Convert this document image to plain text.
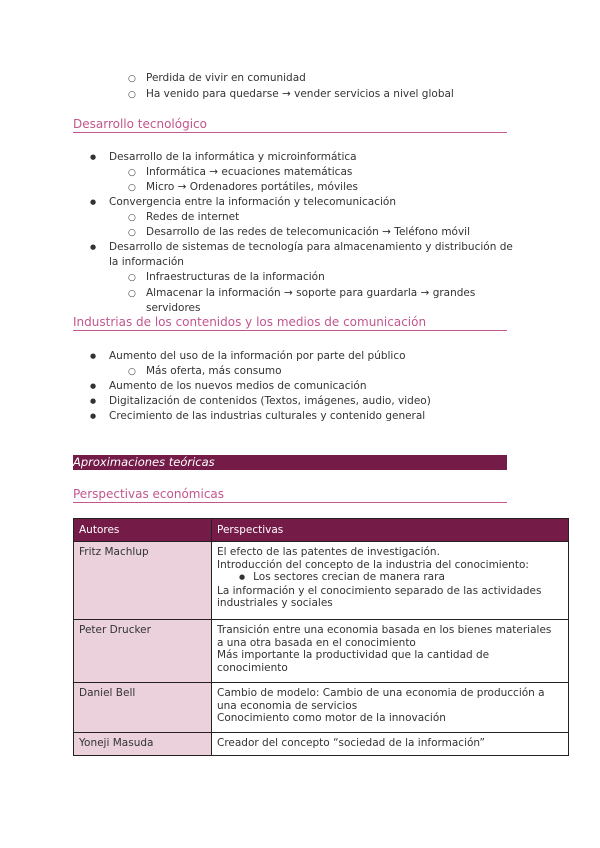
○
Perdida de vivir en comunidad
○
Ha venido para quedarse → vender servicios a nivel global
Desarrollo tecnológico
●
Desarrollo de la informática y microinformática
○
Informática → ecuaciones matemáticas
○
Micro → Ordenadores portátiles, móviles
●
Convergencia entre la información y telecomunicación
○
Redes de internet
○
Desarrollo de las redes de telecomunicación → Teléfono móvil
●
Desarrollo de sistemas de tecnología para almacenamiento y distribución de
la información
○
Infraestructuras de la información
○
Almacenar la información → soporte para guardarla → grandes
servidores
Industrias de los contenidos y los medios de comunicación
●
Aumento del uso de la información por parte del público
○
Más oferta, más consumo
●
Aumento de los nuevos medios de comunicación
●
Digitalización de contenidos (Textos, imágenes, audio, video)
●
Crecimiento de las industrias culturales y contenido general
Aproximaciones teóricas
Perspectivas económicas
Autores	Perspectivas
Fritz Machlup	El efecto de las patentes de investigación.
Introducción del concepto de la industria del conocimiento:
● Los sectores crecian de manera rara
La información y el conocimiento separado de las actividades
industriales y sociales

Peter Drucker	Transición entre una economia basada en los bienes materiales
a una otra basada en el conocimiento
Más importante la productividad que la cantidad de
conocimiento

Daniel Bell	Cambio de modelo: Cambio de una economia de producción a
una economia de servicios
Conocimiento como motor de la innovación

Yoneji Masuda	Creador del concepto “sociedad de la información”
